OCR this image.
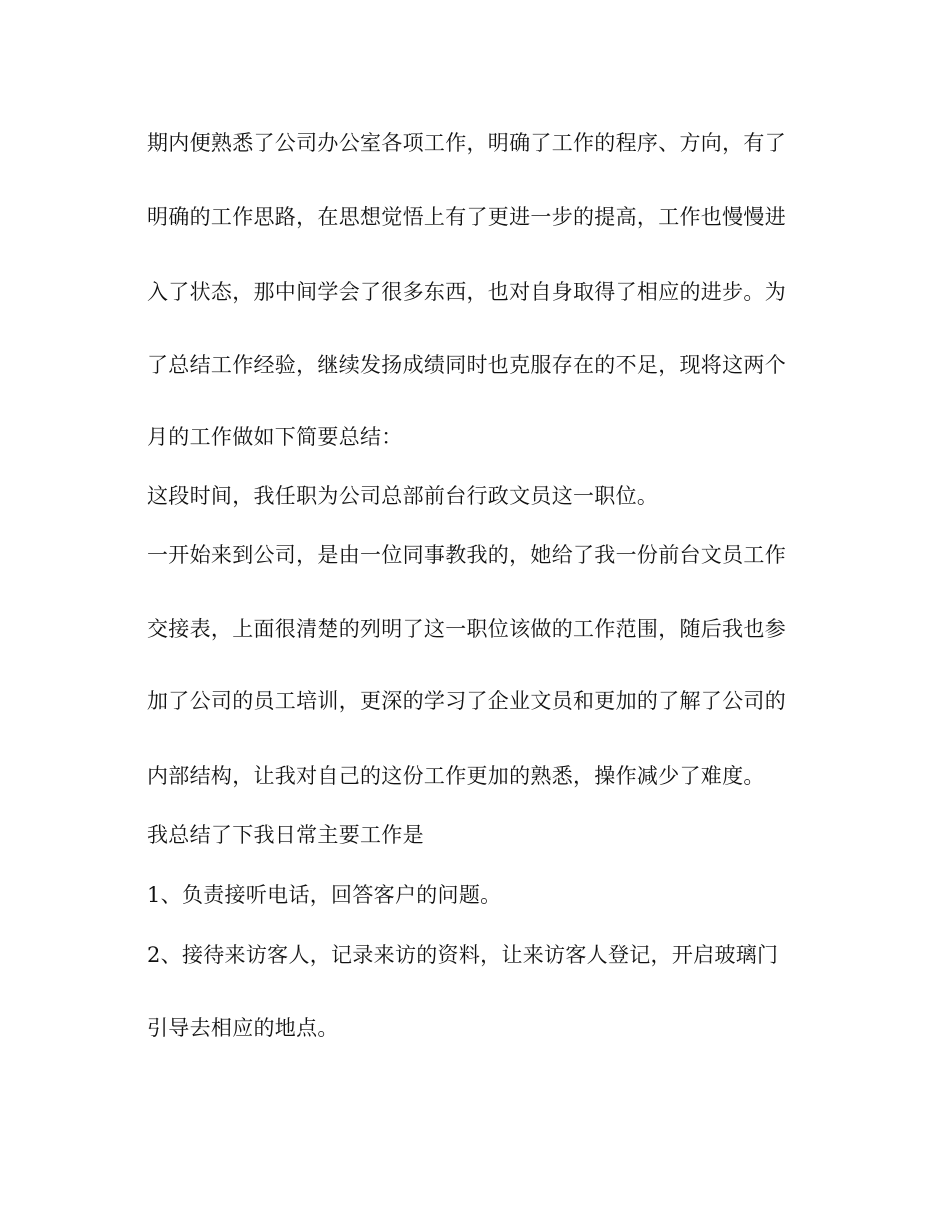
期内便熟悉了公司办公室各项工作，明确了工作的程序、方向，有了
明确的工作思路，在思想觉悟上有了更进一步的提高，工作也慢慢进
入了状态，那中间学会了很多东西，也对自身取得了相应的进步。为
了总结工作经验，继续发扬成绩同时也克服存在的不足，现将这两个
月的工作做如下简要总结：
这段时间，我任职为公司总部前台行政文员这一职位。
一开始来到公司，是由一位同事教我的，她给了我一份前台文员工作
交接表，上面很清楚的列明了这一职位该做的工作范围，随后我也参
加了公司的员工培训，更深的学习了企业文员和更加的了解了公司的
内部结构，让我对自己的这份工作更加的熟悉，操作减少了难度。
我总结了下我日常主要工作是
1、负责接听电话，回答客户的问题。
2、接待来访客人，记录来访的资料，让来访客人登记，开启玻璃门
引导去相应的地点。
